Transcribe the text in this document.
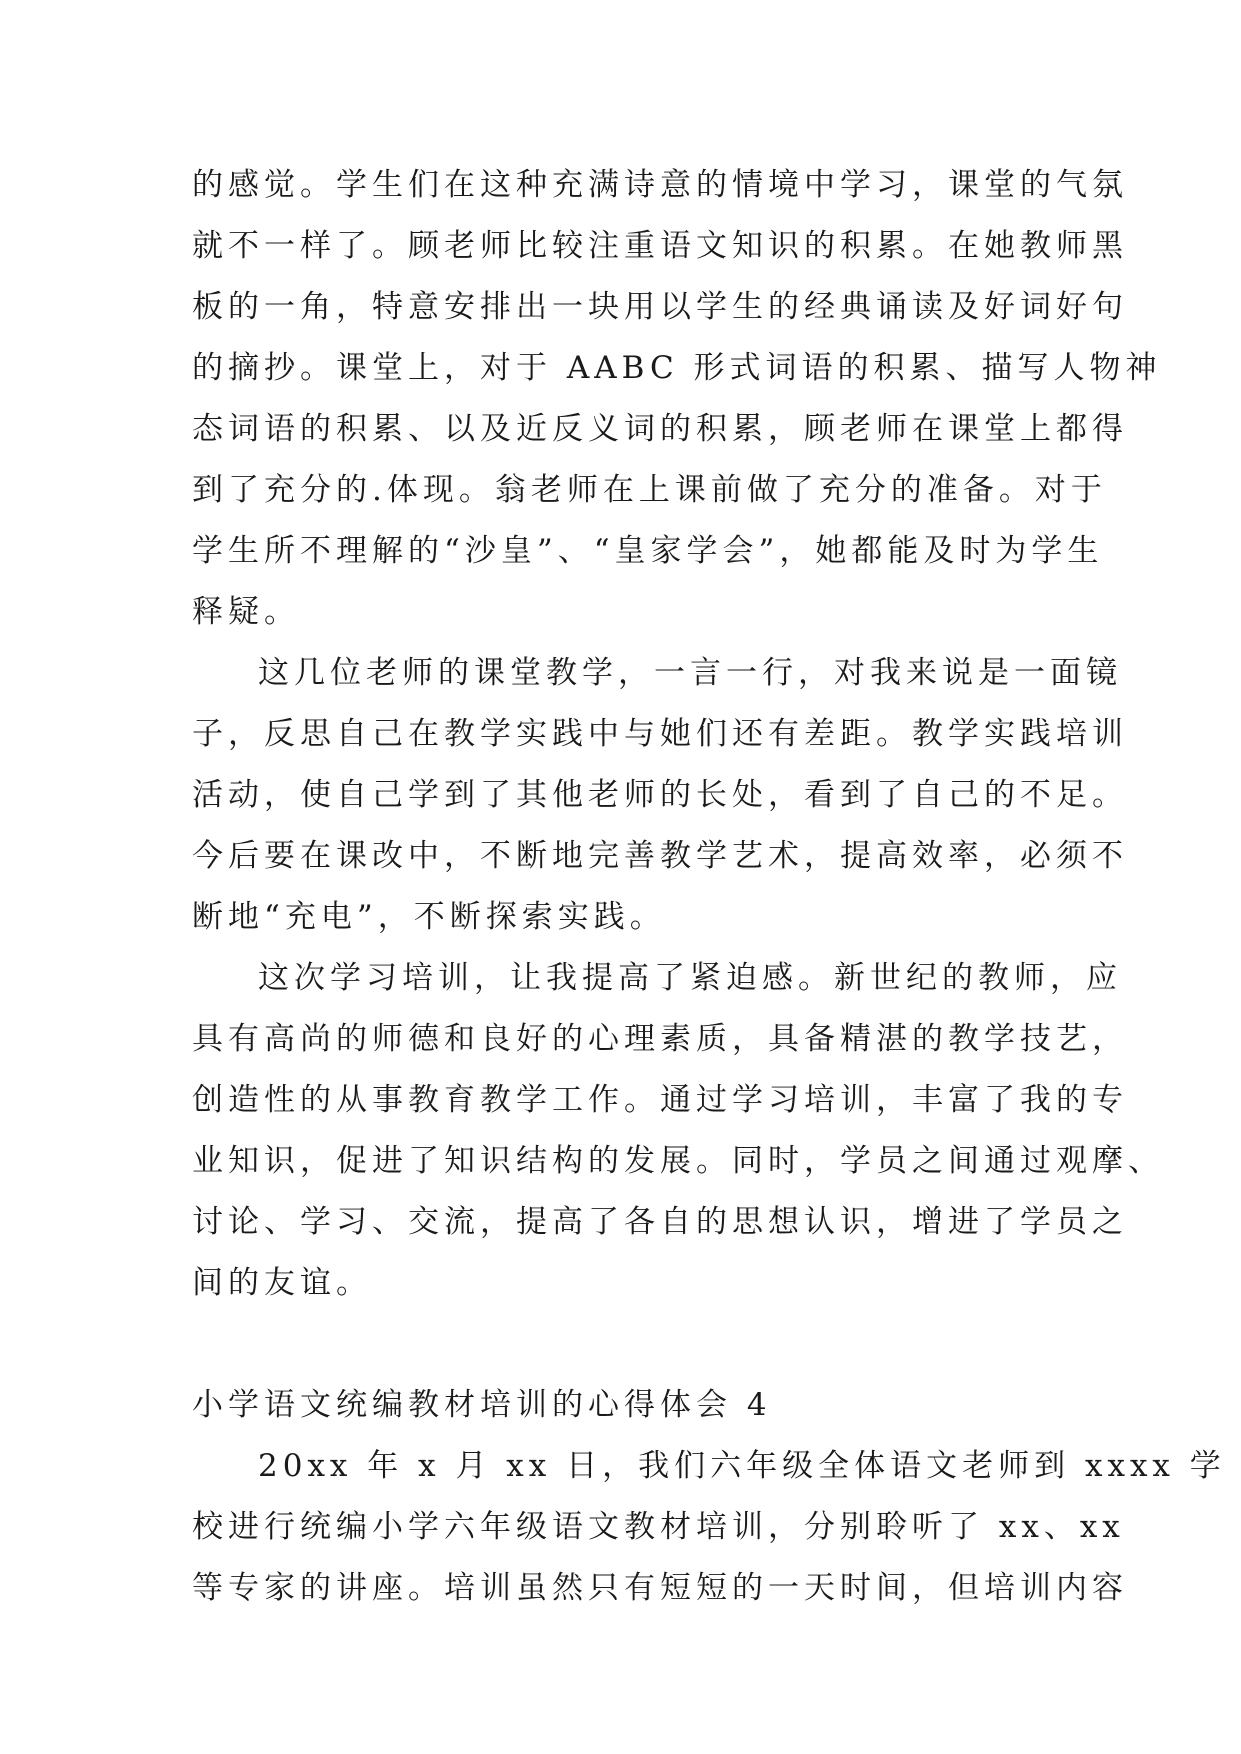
的感觉。学生们在这种充满诗意的情境中学习，课堂的气氛
就不一样了。顾老师比较注重语文知识的积累。在她教师黑
板的一角，特意安排出一块用以学生的经典诵读及好词好句
的摘抄。课堂上，对于 AABC 形式词语的积累、描写人物神
态词语的积累、以及近反义词的积累，顾老师在课堂上都得
到了充分的.体现。翁老师在上课前做了充分的准备。对于
学生所不理解的“沙皇”、“皇家学会”，她都能及时为学生
释疑。
这几位老师的课堂教学，一言一行，对我来说是一面镜
子，反思自己在教学实践中与她们还有差距。教学实践培训
活动，使自己学到了其他老师的长处，看到了自己的不足。
今后要在课改中，不断地完善教学艺术，提高效率，必须不
断地“充电”，不断探索实践。
这次学习培训，让我提高了紧迫感。新世纪的教师，应
具有高尚的师德和良好的心理素质，具备精湛的教学技艺，
创造性的从事教育教学工作。通过学习培训，丰富了我的专
业知识，促进了知识结构的发展。同时，学员之间通过观摩、
讨论、学习、交流，提高了各自的思想认识，增进了学员之
间的友谊。
小学语文统编教材培训的心得体会 4
20xx 年 x 月 xx 日，我们六年级全体语文老师到 xxxx 学
校进行统编小学六年级语文教材培训，分别聆听了 xx、xx
等专家的讲座。培训虽然只有短短的一天时间，但培训内容
